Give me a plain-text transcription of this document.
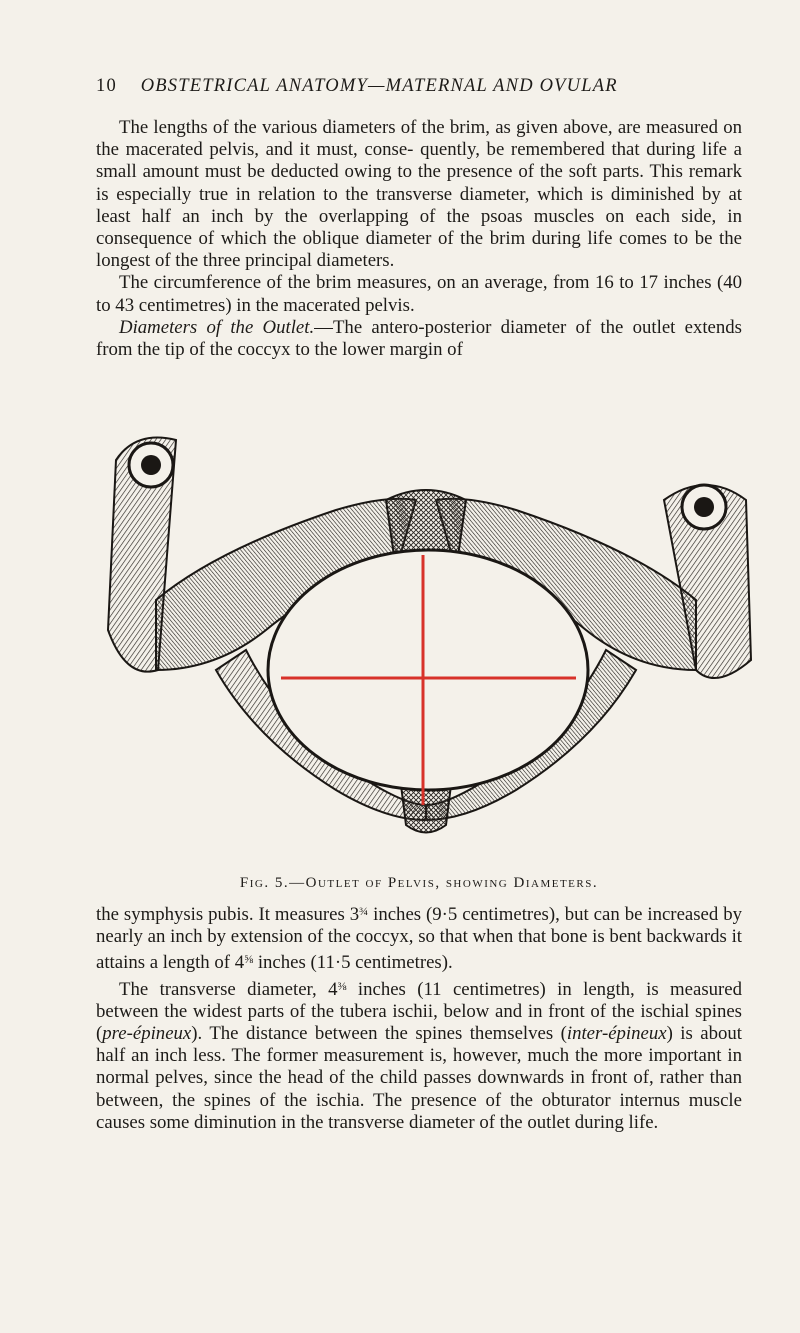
10 OBSTETRICAL ANATOMY—MATERNAL AND OVULAR

The lengths of the various diameters of the brim, as given above, are measured on the macerated pelvis, and it must, conse- quently, be remembered that during life a small amount must be deducted owing to the presence of the soft parts. This remark is especially true in relation to the transverse diameter, which is diminished by at least half an inch by the overlapping of the psoas muscles on each side, in consequence of which the oblique diameter of the brim during life comes to be the longest of the three principal diameters.

The circumference of the brim measures, on an average, from 16 to 17 inches (40 to 43 centimetres) in the macerated pelvis.

Diameters of the Outlet.—The antero-posterior diameter of the outlet extends from the tip of the coccyx to the lower margin of

Fig. 5.—Outlet of Pelvis, showing Diameters.

the symphysis pubis. It measures $3^{\frac{3}{4}}$ inches (9·5 centimetres), but can be increased by nearly an inch by extension of the coccyx, so that when that bone is bent backwards it attains a length of $4^{\frac{5}{8}}$ inches (11·5 centimetres).

The transverse diameter, $4^{\frac{3}{8}}$ inches (11 centimetres) in length, is measured between the widest parts of the tubera ischii, below and in front of the ischial spines (pre-épineux). The distance between the spines themselves (inter-épineux) is about half an inch less. The former measurement is, however, much the more important in normal pelves, since the head of the child passes downwards in front of, rather than between, the spines of the ischia. The presence of the obturator internus muscle causes some diminution in the transverse diameter of the outlet during life.
